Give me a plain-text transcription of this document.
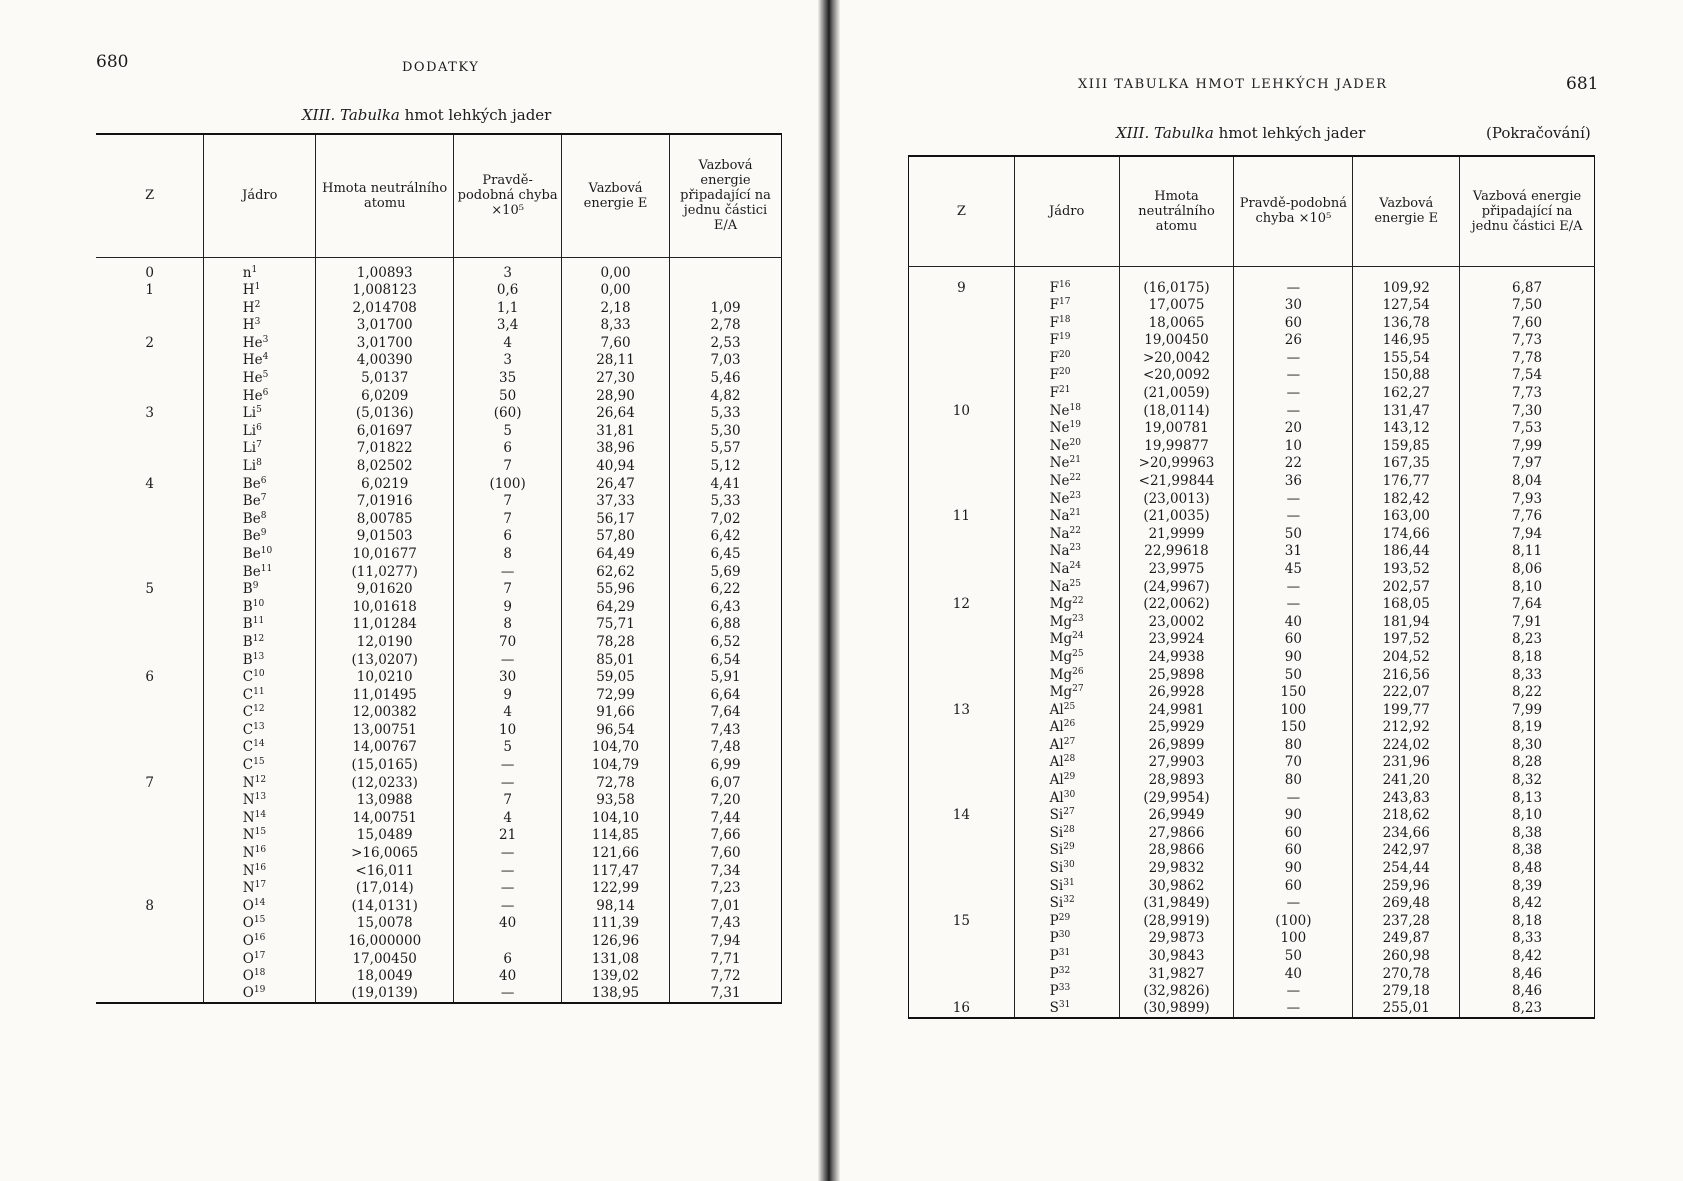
680	DODATKY
XIII. Tabulka hmot lehkých jader
Z	Jádro	Hmota neutrálního atomu	Pravdě-podobná chyba ×10⁵	Vazbová energie E	Vazbová energie připadající na jednu částici E/A
0	$n^1$	1,00893	3	0,00	
1	$H^1$	1,008123	0,6	0,00	
	$H^2$	2,014708	1,1	2,18	1,09
	$H^3$	3,01700	3,4	8,33	2,78
2	He$^3$	3,01700	4	7,60	2,53
	He$^4$	4,00390	3	28,11	7,03
	He$^5$	5,0137	35	27,30	5,46
	He$^6$	6,0209	50	28,90	4,82
3	Li$^5$	(5,0136)	(60)	26,64	5,33
	Li$^6$	6,01697	5	31,81	5,30
	Li$^7$	7,01822	6	38,96	5,57
	Li$^8$	8,02502	7	40,94	5,12
4	Be$^6$	6,0219	(100)	26,47	4,41
	Be$^7$	7,01916	7	37,33	5,33
	Be$^8$	8,00785	7	56,17	7,02
	Be$^9$	9,01503	6	57,80	6,42
	Be$^{10}$	10,01677	8	64,49	6,45
	Be$^{11}$	(11,0277)	—	62,62	5,69
5	$B^9$	9,01620	7	55,96	6,22
	$B^{10}$	10,01618	9	64,29	6,43
	$B^{11}$	11,01284	8	75,71	6,88
	$B^{12}$	12,0190	70	78,28	6,52
	$B^{13}$	(13,0207)	—	85,01	6,54
6	$C^{10}$	10,0210	30	59,05	5,91
	$C^{11}$	11,01495	9	72,99	6,64
	$C^{12}$	12,00382	4	91,66	7,64
	$C^{13}$	13,00751	10	96,54	7,43
	$C^{14}$	14,00767	5	104,70	7,48
	$C^{15}$	(15,0165)	—	104,79	6,99
7	$N^{12}$	(12,0233)	—	72,78	6,07
	$N^{13}$	13,0988	7	93,58	7,20
	$N^{14}$	14,00751	4	104,10	7,44
	$N^{15}$	15,0489	21	114,85	7,66
	$N^{16}$	>16,0065	—	121,66	7,60
	$N^{16}$	<16,011	—	117,47	7,34
	$N^{17}$	(17,014)	—	122,99	7,23
8	$O^{14}$	(14,0131)	—	98,14	7,01
	$O^{15}$	15,0078	40	111,39	7,43
	$O^{16}$	16,000000		126,96	7,94
	$O^{17}$	17,00450	6	131,08	7,71
	$O^{18}$	18,0049	40	139,02	7,72
	$O^{19}$	(19,0139)	—	138,95	7,31
XIII TABULKA HMOT LEHKÝCH JADER	681
XIII. Tabulka hmot lehkých jader	(Pokračování)
Z	Jádro	Hmota neutrálního atomu	Pravdě-podobná chyba ×10⁵	Vazbová energie E	Vazbová energie připadající na jednu částici E/A
9	$F^{16}$	(16,0175)	—	109,92	6,87
	$F^{17}$	17,0075	30	127,54	7,50
	$F^{18}$	18,0065	60	136,78	7,60
	$F^{19}$	19,00450	26	146,95	7,73
	$F^{20}$	>20,0042	—	155,54	7,78
	$F^{20}$	<20,0092	—	150,88	7,54
	$F^{21}$	(21,0059)	—	162,27	7,73
10	Ne$^{18}$	(18,0114)	—	131,47	7,30
	Ne$^{19}$	19,00781	20	143,12	7,53
	Ne$^{20}$	19,99877	10	159,85	7,99
	$Ne^{21}$	>20,99963	22	167,35	7,97
	$Ne^{22}$	<21,99844	36	176,77	8,04
	Ne$^{23}$	(23,0013)	—	182,42	7,93
11	Na$^{21}$	(21,0035)	—	163,00	7,76
	Na$^{22}$	21,9999	50	174,66	7,94
	Na$^{23}$	22,99618	31	186,44	8,11
	Na$^{24}$	23,9975	45	193,52	8,06
	Na$^{25}$	(24,9967)	—	202,57	8,10
12	Mg$^{22}$	(22,0062)	—	168,05	7,64
	Mg$^{23}$	23,0002	40	181,94	7,91
	Mg$^{24}$	23,9924	60	197,52	8,23
	Mg$^{25}$	24,9938	90	204,52	8,18
	Mg$^{26}$	25,9898	50	216,56	8,33
	Mg$^{27}$	26,9928	150	222,07	8,22
13	Al$^{25}$	24,9981	100	199,77	7,99
	Al$^{26}$	25,9929	150	212,92	8,19
	Al$^{27}$	26,9899	80	224,02	8,30
	Al$^{28}$	27,9903	70	231,96	8,28
	Al$^{29}$	28,9893	80	241,20	8,32
	Al$^{30}$	(29,9954)	—	243,83	8,13
14	Si$^{27}$	26,9949	90	218,62	8,10
	Si$^{28}$	27,9866	60	234,66	8,38
	Si$^{29}$	28,9866	60	242,97	8,38
	Si$^{30}$	29,9832	90	254,44	8,48
	Si$^{31}$	30,9862	60	259,96	8,39
	Si$^{32}$	(31,9849)	—	269,48	8,42
15	$P^{29}$	(28,9919)	(100)	237,28	8,18
	$P^{30}$	29,9873	100	249,87	8,33
	$P^{31}$	30,9843	50	260,98	8,42
	$P^{32}$	31,9827	40	270,78	8,46
	$P^{33}$	(32,9826)	—	279,18	8,46
16	$S^{31}$	(30,9899)	—	255,01	8,23
